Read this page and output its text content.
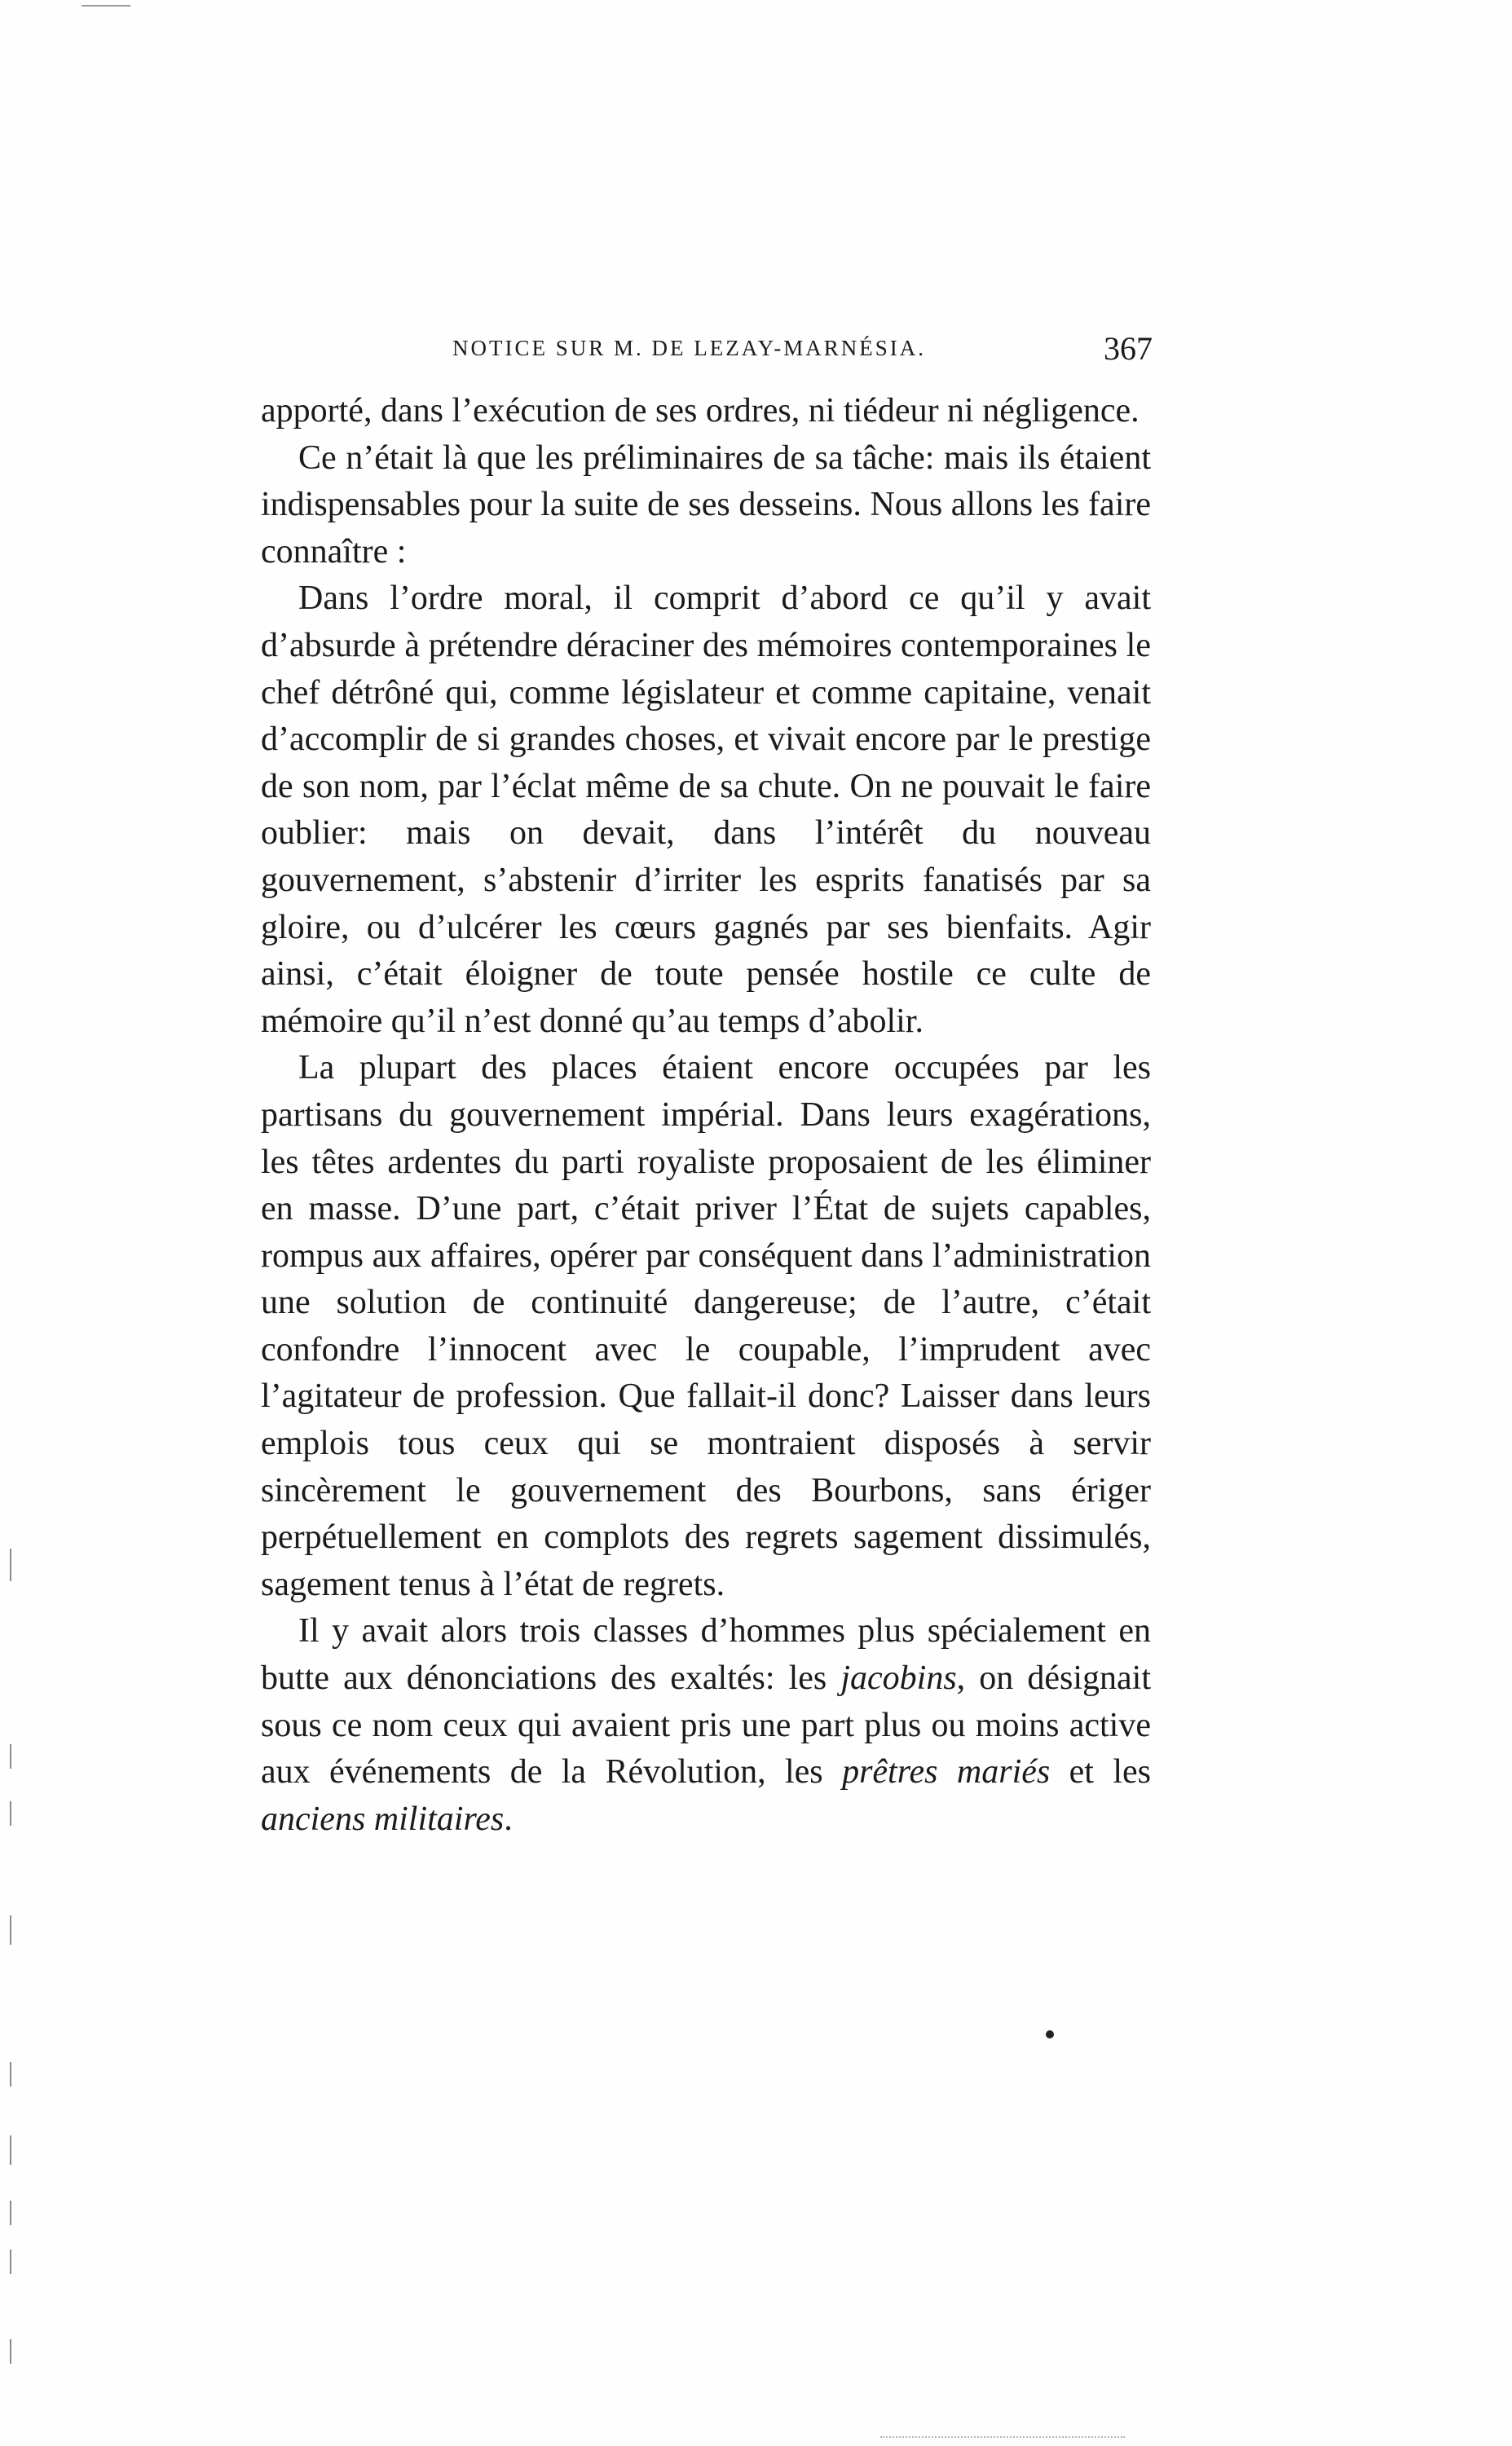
NOTICE SUR M. DE LEZAY-MARNÉSIA.	367

apporté, dans l’exécution de ses ordres, ni tiédeur ni négligence.

Ce n’était là que les préliminaires de sa tâche: mais ils étaient indispensables pour la suite de ses desseins. Nous allons les faire connaître :

Dans l’ordre moral, il comprit d’abord ce qu’il y avait d’absurde à prétendre déraciner des mémoires contemporaines le chef détrôné qui, comme législateur et comme capitaine, venait d’accomplir de si grandes choses, et vivait encore par le prestige de son nom, par l’éclat même de sa chute. On ne pouvait le faire oublier: mais on devait, dans l’intérêt du nouveau gouvernement, s’abstenir d’irriter les esprits fanatisés par sa gloire, ou d’ulcérer les cœurs gagnés par ses bienfaits. Agir ainsi, c’était éloigner de toute pensée hostile ce culte de mémoire qu’il n’est donné qu’au temps d’abolir.

La plupart des places étaient encore occupées par les partisans du gouvernement impérial. Dans leurs exagérations, les têtes ardentes du parti royaliste proposaient de les éliminer en masse. D’une part, c’était priver l’État de sujets capables, rompus aux affaires, opérer par conséquent dans l’administration une solution de continuité dangereuse; de l’autre, c’était confondre l’innocent avec le coupable, l’imprudent avec l’agitateur de profession. Que fallait-il donc? Laisser dans leurs emplois tous ceux qui se montraient disposés à servir sincèrement le gouvernement des Bourbons, sans ériger perpétuellement en complots des regrets sagement dissimulés, sagement tenus à l’état de regrets.

Il y avait alors trois classes d’hommes plus spécialement en butte aux dénonciations des exaltés: les jacobins, on désignait sous ce nom ceux qui avaient pris une part plus ou moins active aux événements de la Révolution, les prêtres mariés et les anciens militaires.
